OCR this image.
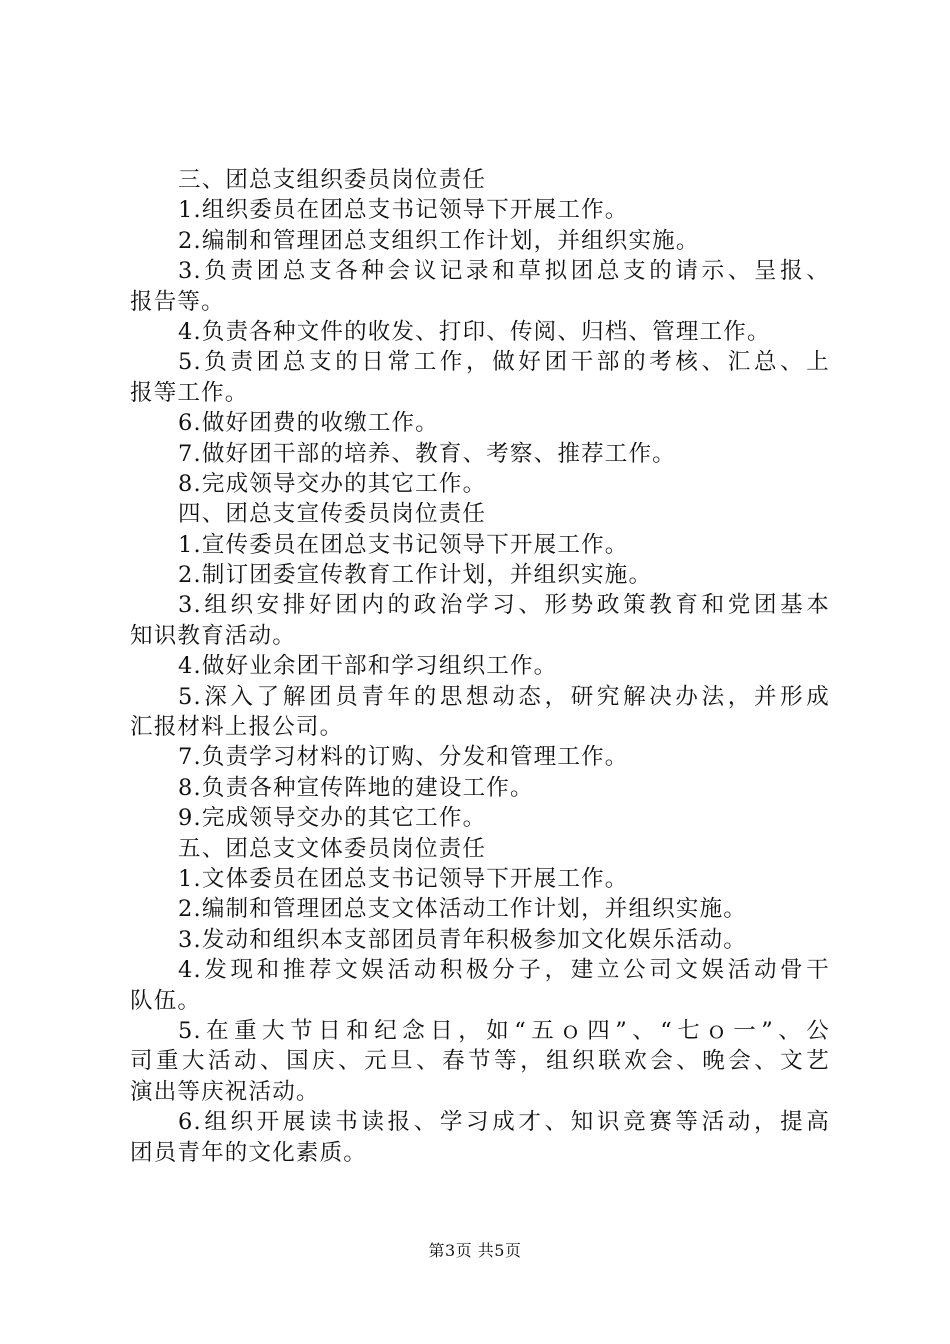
三、团总支组织委员岗位责任
1.组织委员在团总支书记领导下开展工作。
2.编制和管理团总支组织工作计划，并组织实施。
3.负责团总支各种会议记录和草拟团总支的请示、呈报、
报告等。
4.负责各种文件的收发、打印、传阅、归档、管理工作。
5.负责团总支的日常工作，做好团干部的考核、汇总、上
报等工作。
6.做好团费的收缴工作。
7.做好团干部的培养、教育、考察、推荐工作。
8.完成领导交办的其它工作。
四、团总支宣传委员岗位责任
1.宣传委员在团总支书记领导下开展工作。
2.制订团委宣传教育工作计划，并组织实施。
3.组织安排好团内的政治学习、形势政策教育和党团基本
知识教育活动。
4.做好业余团干部和学习组织工作。
5.深入了解团员青年的思想动态，研究解决办法，并形成
汇报材料上报公司。
7.负责学习材料的订购、分发和管理工作。
8.负责各种宣传阵地的建设工作。
9.完成领导交办的其它工作。
五、团总支文体委员岗位责任
1.文体委员在团总支书记领导下开展工作。
2.编制和管理团总支文体活动工作计划，并组织实施。
3.发动和组织本支部团员青年积极参加文化娱乐活动。
4.发现和推荐文娱活动积极分子，建立公司文娱活动骨干
队伍。
5.在重大节日和纪念日，如“五ｏ四”、“七ｏ一”、公
司重大活动、国庆、元旦、春节等，组织联欢会、晚会、文艺
演出等庆祝活动。
6.组织开展读书读报、学习成才、知识竞赛等活动，提高
团员青年的文化素质。
第3页 共5页
